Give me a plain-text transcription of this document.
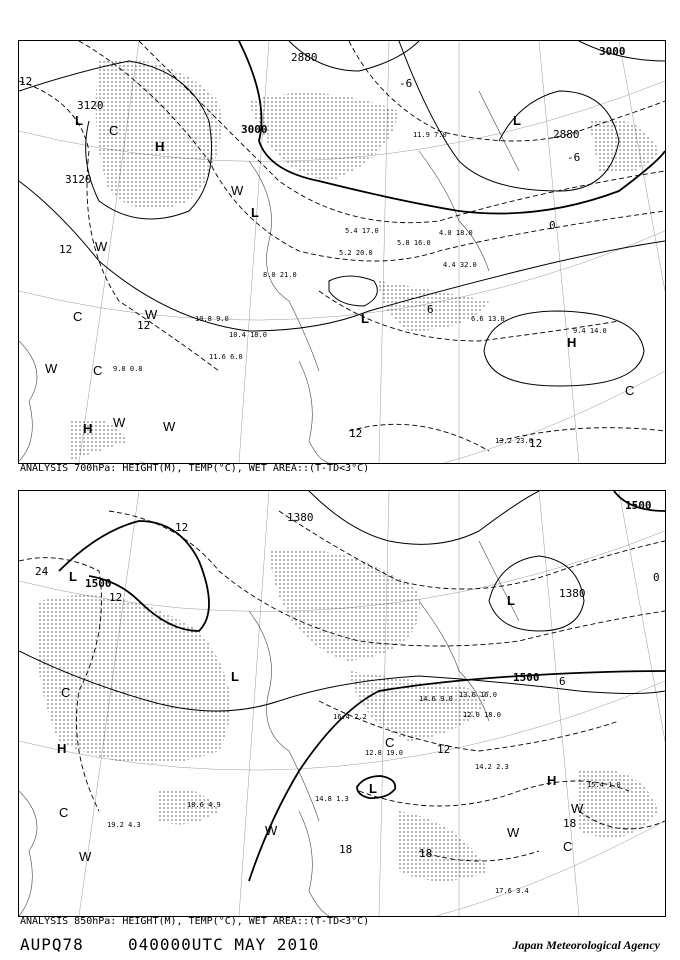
3000
3120
3120
2880
2880	3000
12
12
12
12
12
0
6
-6
-6
H
L
L
L
L
H
H
C
W
W
C	W
W
W
C
W
C
5.2 20.0
5.4 17.0
8.0 21.0
10.4 18.0
11.6 6.0
9.4 14.0
13.2 23.0
6.6 13.0
4.0 18.0
5.8 16.0
10.8 9.0
9.8 0.8
11.9 7.0
4.4 32.0
ANALYSIS 700hPa: HEIGHT(M), TEMP(°C), WET AREA::(T-TD<3°C)
1500
1500
1500
1380
1380
24
12
12
18	18
18
12
0
6
L
L
L
L
H
H
C
C
W
W	W
W
C
C
14.6 9.0 13.6 16.0
12.0 18.0
14.8 1.3
15.4 1.0
17.6 3.4
19.2 4.3
18.6 4.9
12.8 19.0
14.2 2.3
16.4 2.2
ANALYSIS 850hPa: HEIGHT(M), TEMP(°C), WET AREA::(T-TD<3°C)
AUPQ78	040000UTC MAY 2010	Japan Meteorological Agency
